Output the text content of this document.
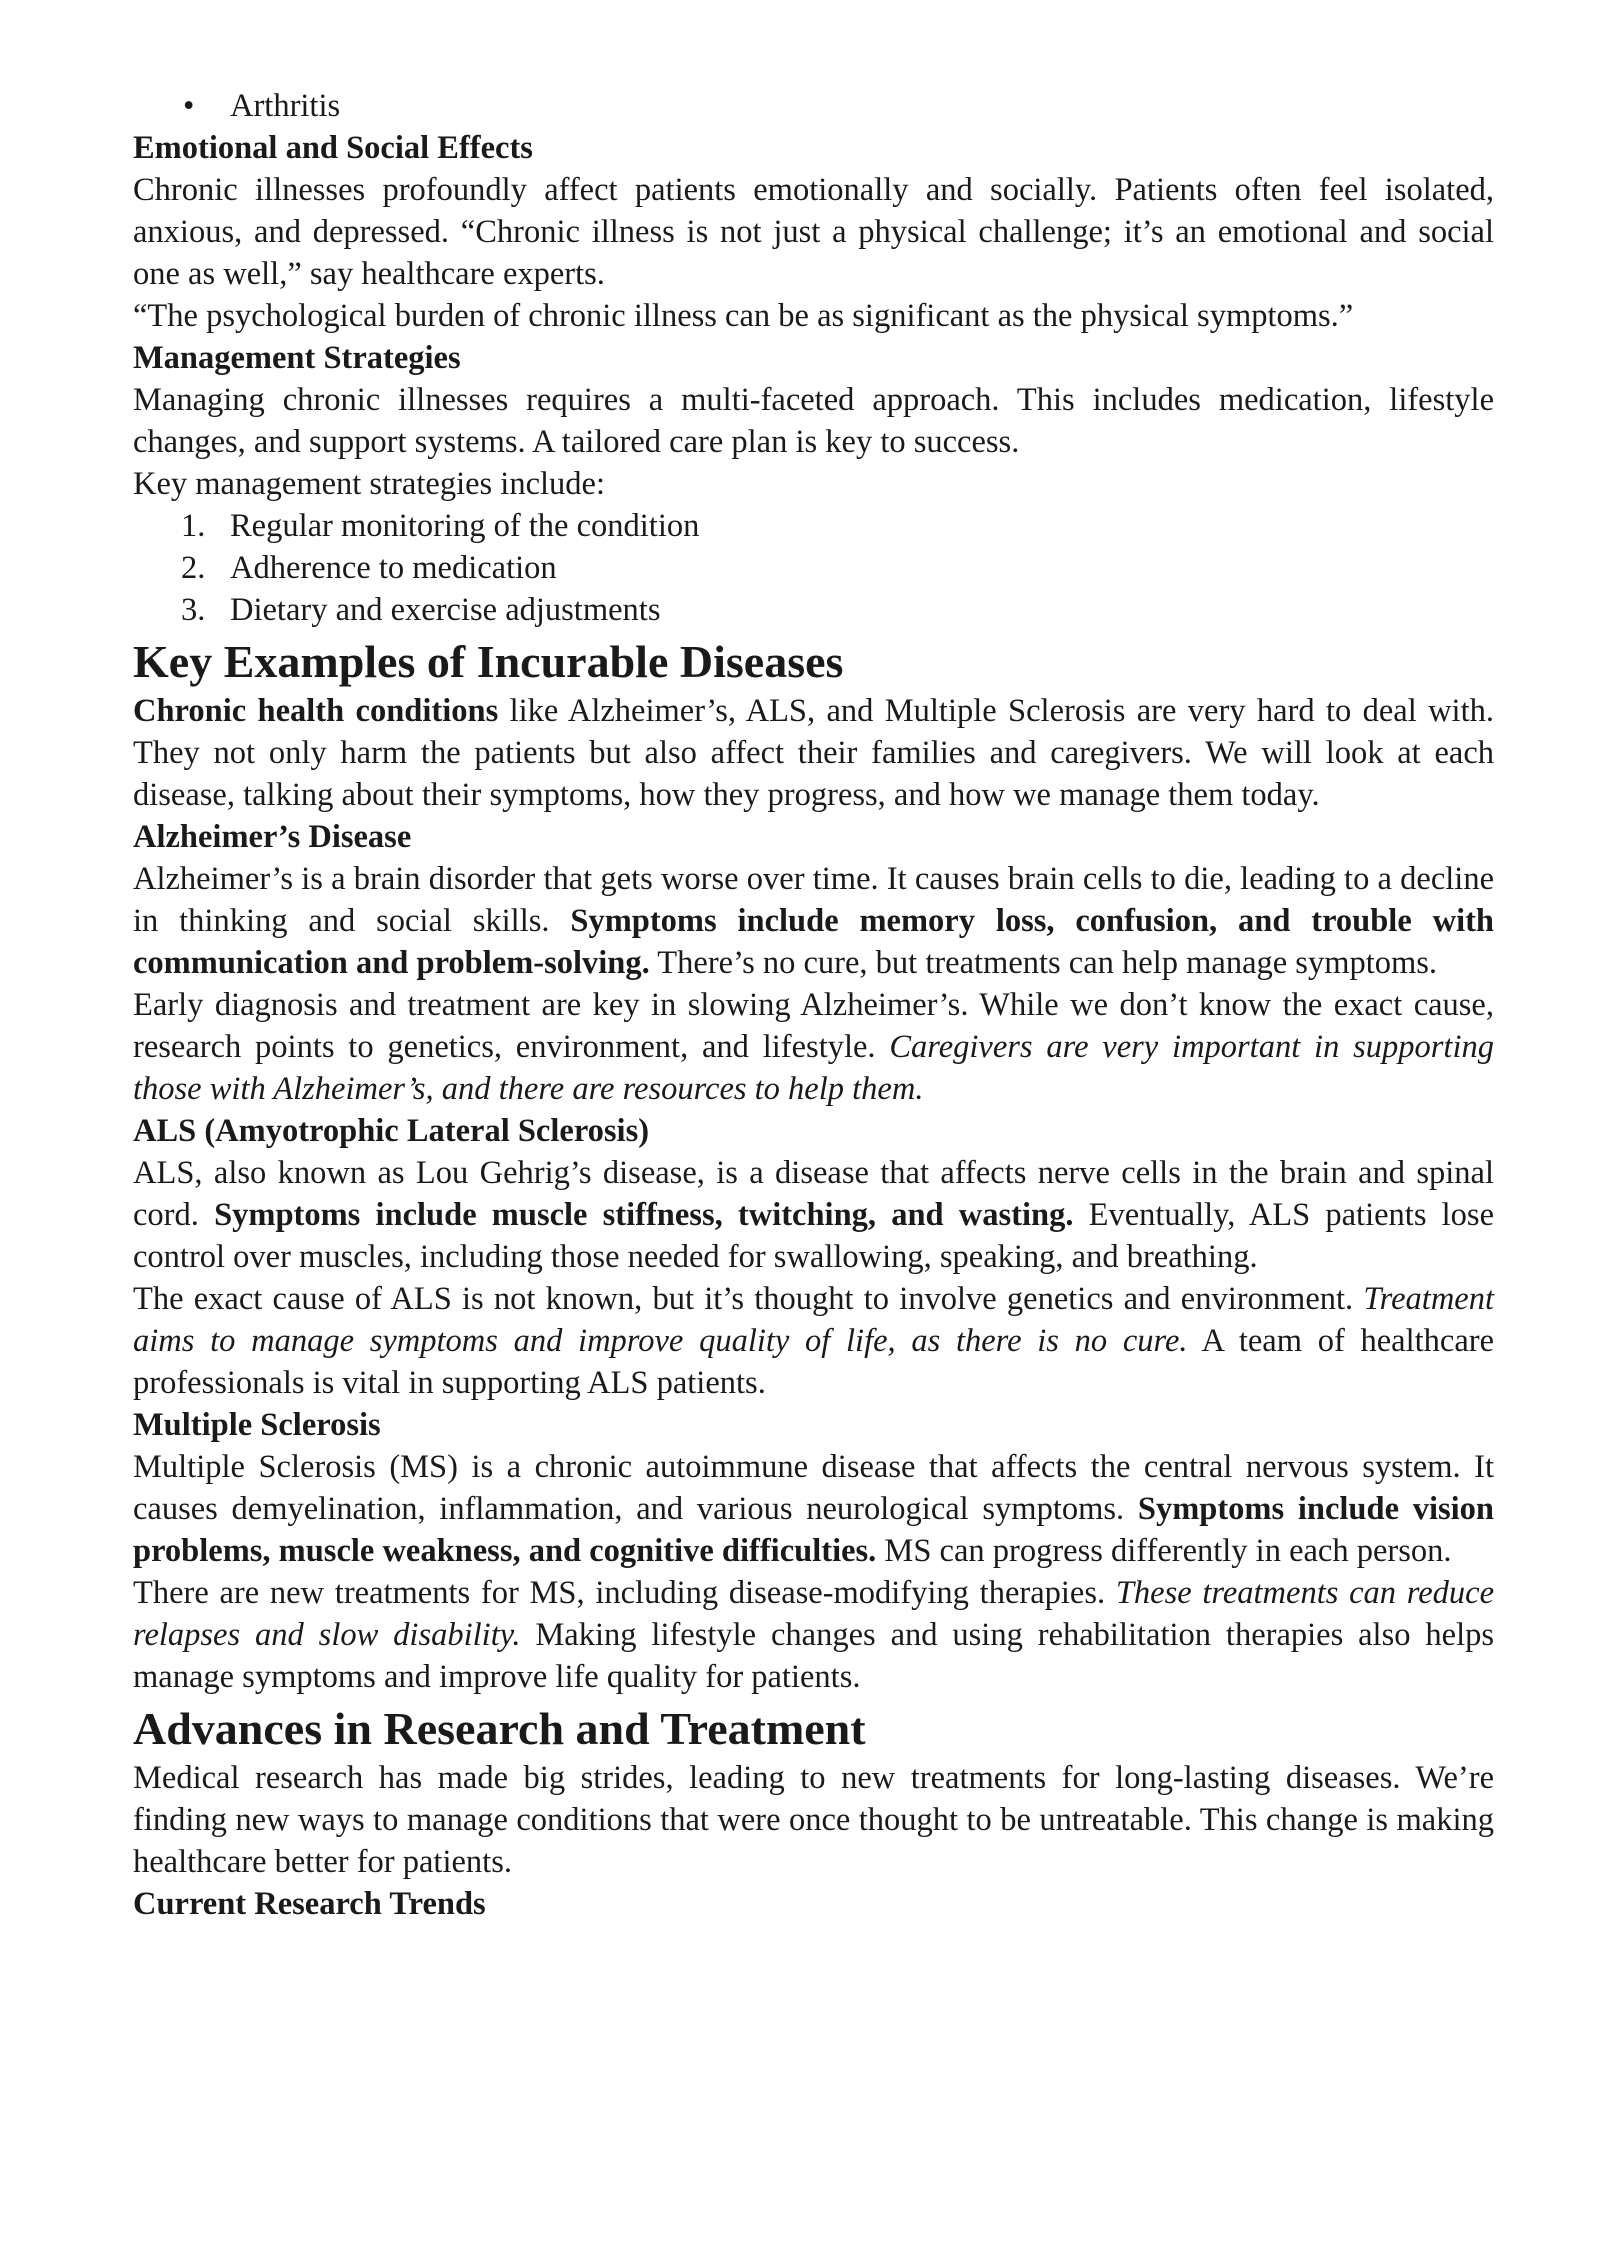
• Arthritis
Emotional and Social Effects

Chronic illnesses profoundly affect patients emotionally and socially. Patients often feel isolated, anxious, and depressed. “Chronic illness is not just a physical challenge; it’s an emotional and social one as well,” say healthcare experts.

“The psychological burden of chronic illness can be as significant as the physical symptoms.”

Management Strategies

Managing chronic illnesses requires a multi-faceted approach. This includes medication, lifestyle changes, and support systems. A tailored care plan is key to success.

Key management strategies include:

1. Regular monitoring of the condition
2. Adherence to medication
3. Dietary and exercise adjustments
Key Examples of Incurable Diseases

Chronic health conditions like Alzheimer’s, ALS, and Multiple Sclerosis are very hard to deal with. They not only harm the patients but also affect their families and caregivers. We will look at each disease, talking about their symptoms, how they progress, and how we manage them today.

Alzheimer’s Disease

Alzheimer’s is a brain disorder that gets worse over time. It causes brain cells to die, leading to a decline in thinking and social skills. Symptoms include memory loss, confusion, and trouble with communication and problem-solving. There’s no cure, but treatments can help manage symptoms.

Early diagnosis and treatment are key in slowing Alzheimer’s. While we don’t know the exact cause, research points to genetics, environment, and lifestyle. Caregivers are very important in supporting those with Alzheimer’s, and there are resources to help them.

ALS (Amyotrophic Lateral Sclerosis)

ALS, also known as Lou Gehrig’s disease, is a disease that affects nerve cells in the brain and spinal cord. Symptoms include muscle stiffness, twitching, and wasting. Eventually, ALS patients lose control over muscles, including those needed for swallowing, speaking, and breathing.

The exact cause of ALS is not known, but it’s thought to involve genetics and environment. Treatment aims to manage symptoms and improve quality of life, as there is no cure. A team of healthcare professionals is vital in supporting ALS patients.

Multiple Sclerosis

Multiple Sclerosis (MS) is a chronic autoimmune disease that affects the central nervous system. It causes demyelination, inflammation, and various neurological symptoms. Symptoms include vision problems, muscle weakness, and cognitive difficulties. MS can progress differently in each person.

There are new treatments for MS, including disease-modifying therapies. These treatments can reduce relapses and slow disability. Making lifestyle changes and using rehabilitation therapies also helps manage symptoms and improve life quality for patients.

Advances in Research and Treatment

Medical research has made big strides, leading to new treatments for long-lasting diseases. We’re finding new ways to manage conditions that were once thought to be untreatable. This change is making healthcare better for patients.

Current Research Trends
